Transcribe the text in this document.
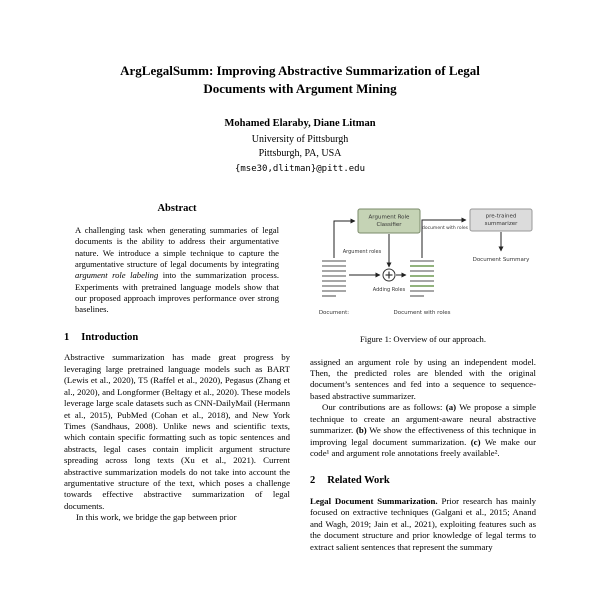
ArgLegalSumm: Improving Abstractive Summarization of Legal Documents with Argument Mining
Mohamed Elaraby, Diane Litman
University of Pittsburgh
Pittsburgh, PA, USA
{mse30,dlitman}@pitt.edu
Abstract

A challenging task when generating summaries of legal documents is the ability to address their argumentative nature. We introduce a simple technique to capture the argumentative structure of legal documents by integrating argument role labeling into the summarization process. Experiments with pretrained language models show that our proposed approach improves performance over strong baselines.

1 Introduction

Abstractive summarization has made great progress by leveraging large pretrained language models such as BART (Lewis et al., 2020), T5 (Raffel et al., 2020), Pegasus (Zhang et al., 2020), and Longformer (Beltagy et al., 2020). These models leverage large scale datasets such as CNN-DailyMail (Hermann et al., 2015), PubMed (Cohan et al., 2018), and New York Times (Sandhaus, 2008). Unlike news and scientific texts, which contain specific formatting such as topic sentences and abstracts, legal cases contain implicit argument structure spreading across long texts (Xu et al., 2021). Current abstractive summarization models do not take into account the argumentative structure of the text, which poses a challenge towards effective abstractive summarization of legal documents.

In this work, we bridge the gap between prior

Argument Role
Classifier
pre-trained
summarizer
Argument roles
Adding Roles
document with roles
Document Summary
Document:	Document with roles
Figure 1: Overview of our approach.

assigned an argument role by using an independent model. Then, the predicted roles are blended with the original document’s sentences and fed into a sequence to sequence-based abstractive summarizer.

Our contributions are as follows: (a) We propose a simple technique to create an argument-aware neural abstractive summarizer. (b) We show the effectiveness of this technique in improving legal document summarization. (c) We make our code¹ and argument role annotations freely available².

2 Related Work

Legal Document Summarization. Prior research has mainly focused on extractive techniques (Galgani et al., 2015; Anand and Wagh, 2019; Jain et al., 2021), exploiting features such as the document structure and prior knowledge of legal terms to extract salient sentences that represent the summary
